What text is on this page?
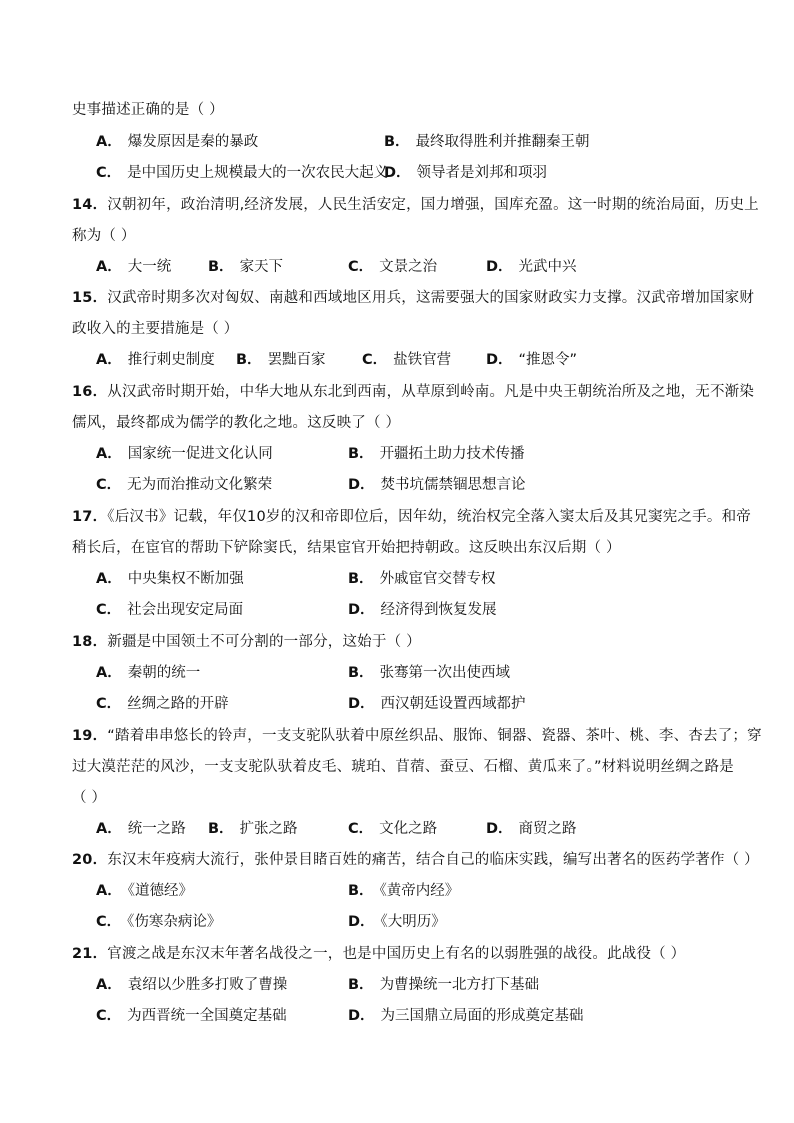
史事描述正确的是（ ）
A． 爆发原因是秦的暴政	B． 最终取得胜利并推翻秦王朝
C． 是中国历史上规模最大的一次农民大起义
D． 领导者是刘邦和项羽
14．汉朝初年，政治清明,经济发展，人民生活安定，国力增强，国库充盈。这一时期的统治局面，历史上
称为（ ）
A． 大一统	B． 家天下	C． 文景之治	D． 光武中兴
15．汉武帝时期多次对匈奴、南越和西域地区用兵，这需要强大的国家财政实力支撑。汉武帝增加国家财
政收入的主要措施是（ ）
A． 推行刺史制度 B． 罢黜百家	C． 盐铁官营 D． “推恩令”
16．从汉武帝时期开始，中华大地从东北到西南，从草原到岭南。凡是中央王朝统治所及之地，无不渐染
儒风，最终都成为儒学的教化之地。这反映了（ ）
A． 国家统一促进文化认同	B． 开疆拓土助力技术传播
C． 无为而治推动文化繁荣	D． 焚书坑儒禁锢思想言论
17．《后汉书》记载，年仅10岁的汉和帝即位后，因年幼，统治权完全落入窦太后及其兄窦宪之手。和帝
稍长后，在宦官的帮助下铲除窦氏，结果宦官开始把持朝政。这反映出东汉后期（ ）
A． 中央集权不断加强	B． 外戚宦官交替专权
C． 社会出现安定局面	D． 经济得到恢复发展
18．新疆是中国领土不可分割的一部分，这始于（ ）
A． 秦朝的统一	B． 张骞第一次出使西域
C． 丝绸之路的开辟	D． 西汉朝廷设置西域都护
19．“踏着串串悠长的铃声，一支支驼队驮着中原丝织品、服饰、铜器、瓷器、茶叶、桃、李、杏去了；穿
过大漠茫茫的风沙，一支支驼队驮着皮毛、琥珀、苜蓿、蚕豆、石榴、黄瓜来了。”材料说明丝绸之路是
（ ）
A． 统一之路 B． 扩张之路	C． 文化之路	D． 商贸之路
20．东汉末年疫病大流行，张仲景目睹百姓的痛苦，结合自己的临床实践，编写出著名的医药学著作（ ）
A． 《道德经》	B． 《黄帝内经》
C． 《伤寒杂病论》	D． 《大明历》
21．官渡之战是东汉末年著名战役之一，也是中国历史上有名的以弱胜强的战役。此战役（ ）
A． 袁绍以少胜多打败了曹操	B． 为曹操统一北方打下基础
C． 为西晋统一全国奠定基础	D． 为三国鼎立局面的形成奠定基础
